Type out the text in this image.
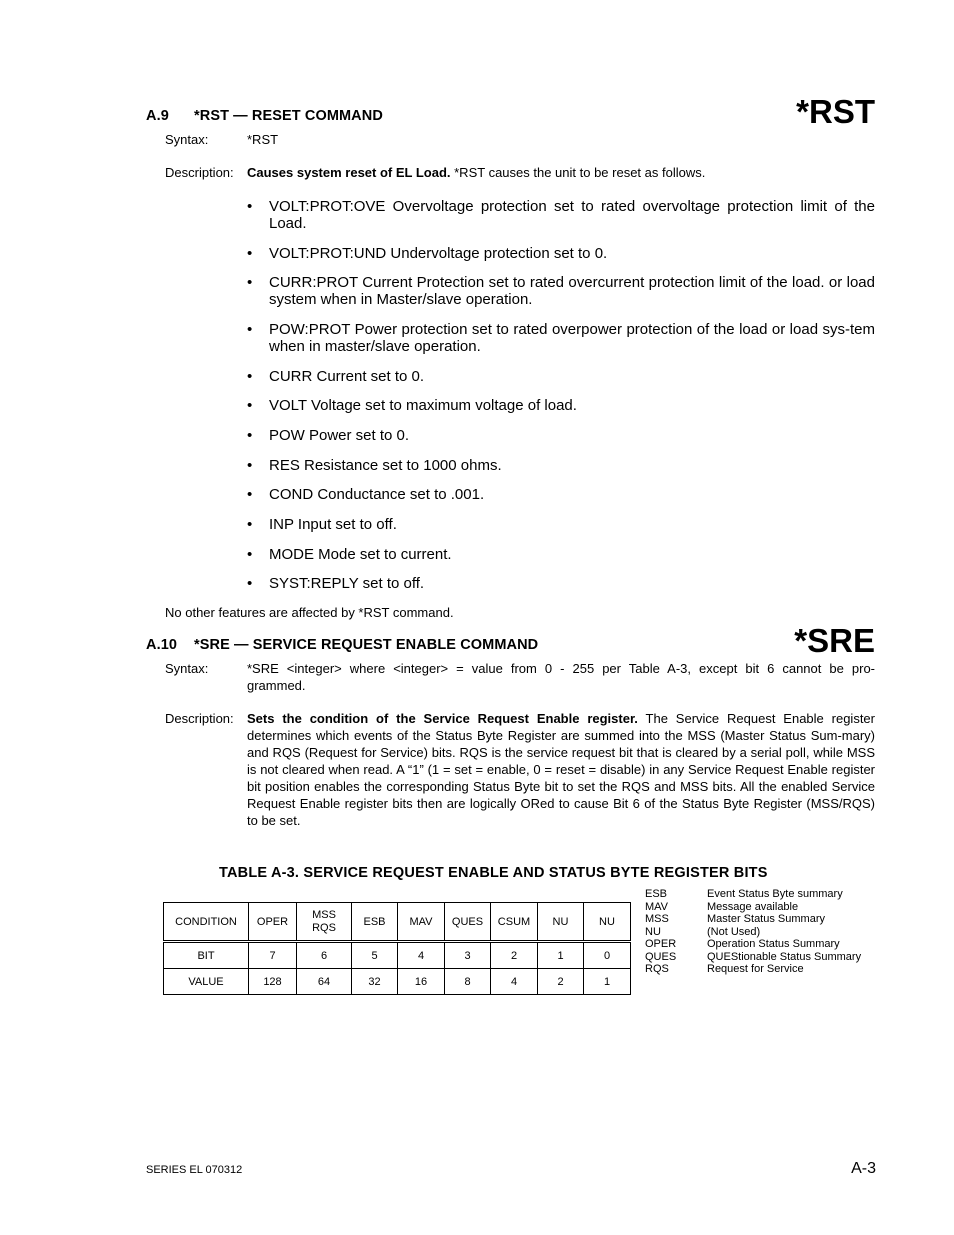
A.9 *RST — RESET COMMAND	*RST
Syntax:	*RST
Description: Causes system reset of EL Load. *RST causes the unit to be reset as follows.
• VOLT:PROT:OVE Overvoltage protection set to rated overvoltage protection limit of the Load.
• VOLT:PROT:UND Undervoltage protection set to 0.
• CURR:PROT Current Protection set to rated overcurrent protection limit of the load. or load system when in Master/slave operation.
• POW:PROT Power protection set to rated overpower protection of the load or load sys-tem when in master/slave operation.
• CURR Current set to 0.
• VOLT Voltage set to maximum voltage of load.
• POW Power set to 0.
• RES Resistance set to 1000 ohms.
• COND Conductance set to .001.
• INP Input set to off.
• MODE Mode set to current.
• SYST:REPLY set to off.
No other features are affected by *RST command.
A.10 *SRE — SERVICE REQUEST ENABLE COMMAND	*SRE
Syntax:	*SRE <integer> where <integer> = value from 0 - 255 per Table A-3, except bit 6 cannot be pro-grammed.
Description: Sets the condition of the Service Request Enable register. The Service Request Enable register determines which events of the Status Byte Register are summed into the MSS (Master Status Sum-mary) and RQS (Request for Service) bits. RQS is the service request bit that is cleared by a serial poll, while MSS is not cleared when read. A “1” (1 = set = enable, 0 = reset = disable) in any Service Request Enable register bit position enables the corresponding Status Byte bit to set the RQS and MSS bits. All the enabled Service Request Enable register bits then are logically ORed to cause Bit 6 of the Status Byte Register (MSS/RQS) to be set.
TABLE A-3. SERVICE REQUEST ENABLE AND STATUS BYTE REGISTER BITS
CONDITION	OPER	MSS RQS	ESB	MAV	QUES	CSUM	NU	NU
BIT	7	6	5	4	3	2	1	0
VALUE	128	64	32	16	8	4	2	1
ESB	Event Status Byte summary
MAV	Message available
MSS	Master Status Summary
NU	(Not Used)
OPER	Operation Status Summary
QUES	QUEStionable Status Summary
RQS	Request for Service
SERIES EL 070312	A-3
